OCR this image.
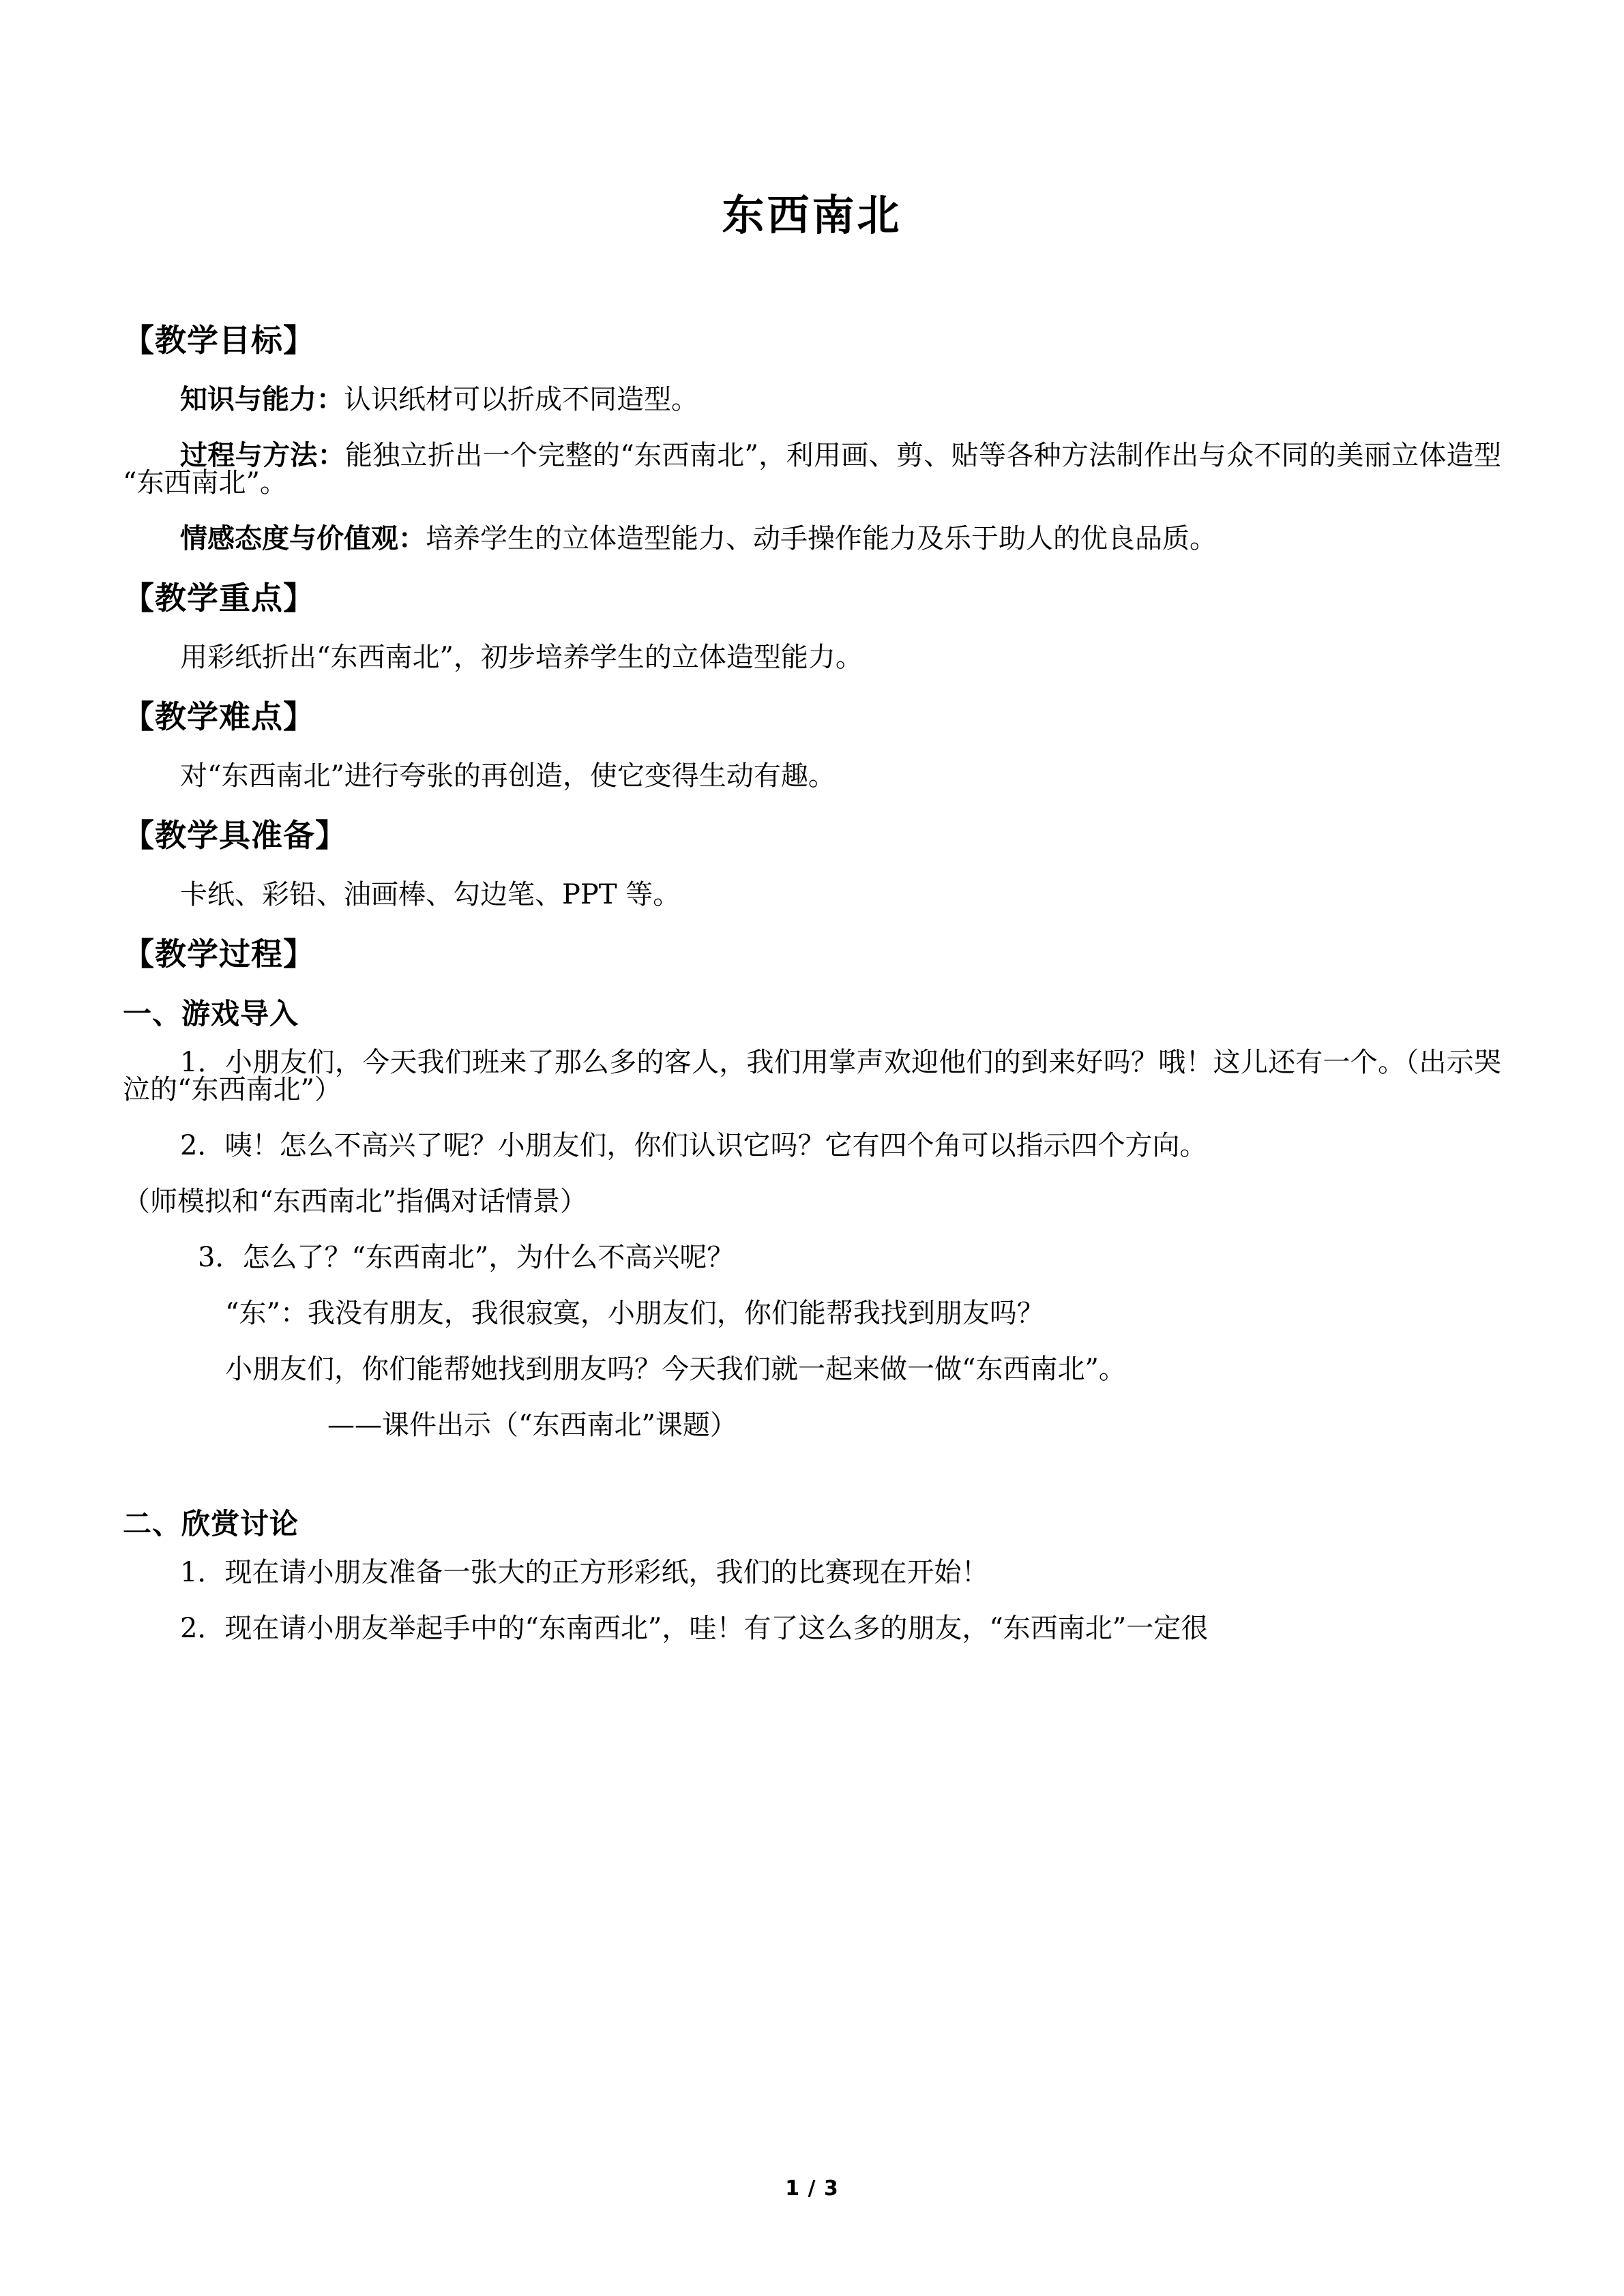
东西南北
【教学目标】

知识与能力：认识纸材可以折成不同造型。

过程与方法：能独立折出一个完整的“东西南北”，利用画、剪、贴等各种方法制作出与众不同的美丽立体造型 “东西南北”。

情感态度与价值观：培养学生的立体造型能力、动手操作能力及乐于助人的优良品质。

【教学重点】

用彩纸折出“东西南北”，初步培养学生的立体造型能力。

【教学难点】

对“东西南北”进行夸张的再创造，使它变得生动有趣。

【教学具准备】

卡纸、彩铅、油画棒、勾边笔、PPT 等。

【教学过程】
一、游戏导入

1．小朋友们，今天我们班来了那么多的客人，我们用掌声欢迎他们的到来好吗？哦！这儿还有一个。（出示哭泣的“东西南北”）

2．咦！怎么不高兴了呢？小朋友们，你们认识它吗？它有四个角可以指示四个方向。

（师模拟和“东西南北”指偶对话情景）

3．怎么了？“东西南北”，为什么不高兴呢？

“东”：我没有朋友，我很寂寞，小朋友们，你们能帮我找到朋友吗？

小朋友们，你们能帮她找到朋友吗？今天我们就一起来做一做“东西南北”。

——课件出示（“东西南北”课题）

二、欣赏讨论

1．现在请小朋友准备一张大的正方形彩纸，我们的比赛现在开始！

2．现在请小朋友举起手中的“东南西北”，哇！有了这么多的朋友，“东西南北”一定很

1 / 3
